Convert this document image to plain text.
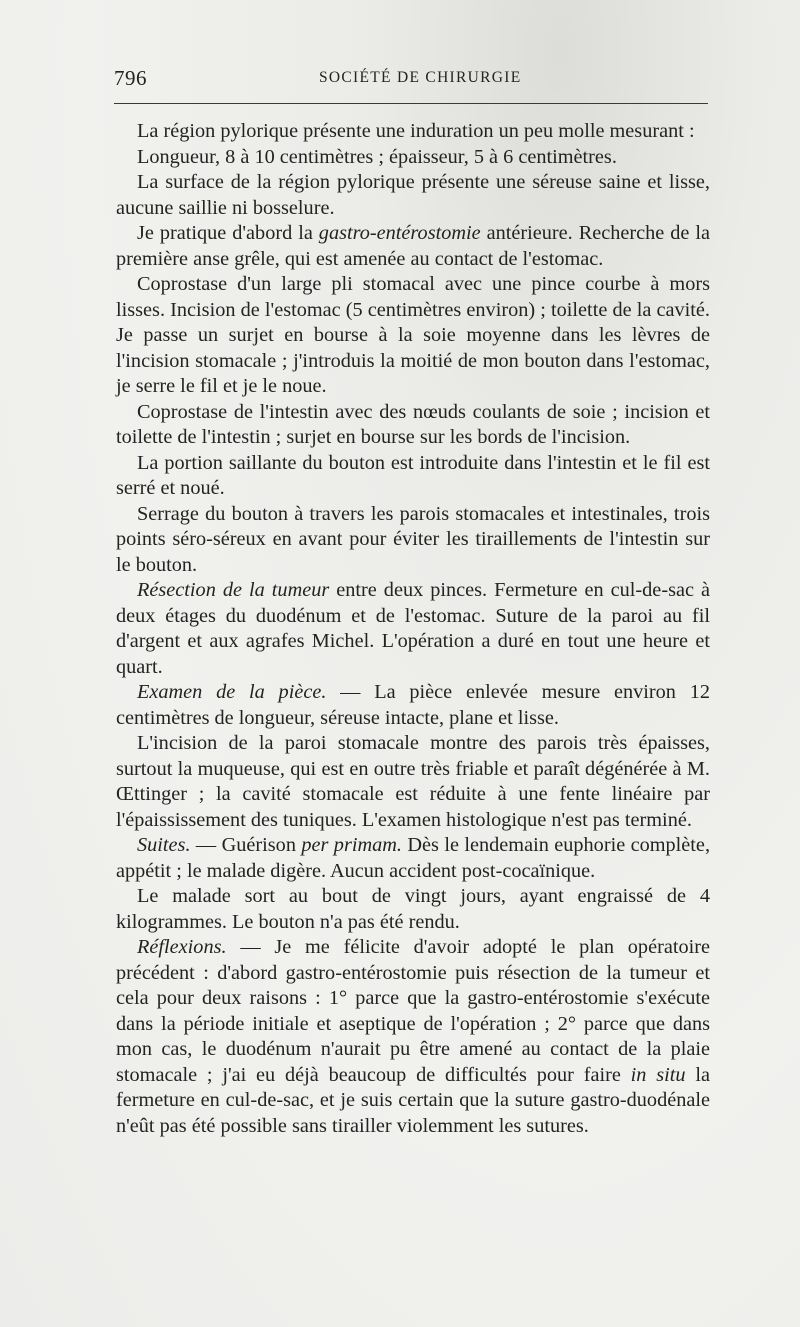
796	SOCIÉTÉ DE CHIRURGIE

La région pylorique présente une induration un peu molle mesurant :

Longueur, 8 à 10 centimètres ; épaisseur, 5 à 6 centimètres.

La surface de la région pylorique présente une séreuse saine et lisse, aucune saillie ni bosselure.

Je pratique d'abord la gastro-entérostomie antérieure. Recherche de la première anse grêle, qui est amenée au contact de l'estomac.

Coprostase d'un large pli stomacal avec une pince courbe à mors lisses. Incision de l'estomac (5 centimètres environ) ; toilette de la cavité. Je passe un surjet en bourse à la soie moyenne dans les lèvres de l'incision stomacale ; j'introduis la moitié de mon bouton dans l'estomac, je serre le fil et je le noue.

Coprostase de l'intestin avec des nœuds coulants de soie ; incision et toilette de l'intestin ; surjet en bourse sur les bords de l'incision.

La portion saillante du bouton est introduite dans l'intestin et le fil est serré et noué.

Serrage du bouton à travers les parois stomacales et intestinales, trois points séro-séreux en avant pour éviter les tiraillements de l'intestin sur le bouton.

Résection de la tumeur entre deux pinces. Fermeture en cul-de-sac à deux étages du duodénum et de l'estomac. Suture de la paroi au fil d'argent et aux agrafes Michel. L'opération a duré en tout une heure et quart.

Examen de la pièce. — La pièce enlevée mesure environ 12 centimètres de longueur, séreuse intacte, plane et lisse.

L'incision de la paroi stomacale montre des parois très épaisses, surtout la muqueuse, qui est en outre très friable et paraît dégénérée à M. Œttinger ; la cavité stomacale est réduite à une fente linéaire par l'épaississement des tuniques. L'examen histologique n'est pas terminé.

Suites. — Guérison per primam. Dès le lendemain euphorie complète, appétit ; le malade digère. Aucun accident post-cocaïnique.

Le malade sort au bout de vingt jours, ayant engraissé de 4 kilogrammes. Le bouton n'a pas été rendu.

Réflexions. — Je me félicite d'avoir adopté le plan opératoire précédent : d'abord gastro-entérostomie puis résection de la tumeur et cela pour deux raisons : 1° parce que la gastro-entérostomie s'exécute dans la période initiale et aseptique de l'opération ; 2° parce que dans mon cas, le duodénum n'aurait pu être amené au contact de la plaie stomacale ; j'ai eu déjà beaucoup de difficultés pour faire in situ la fermeture en cul-de-sac, et je suis certain que la suture gastro-duodénale n'eût pas été possible sans tirailler violemment les sutures.
